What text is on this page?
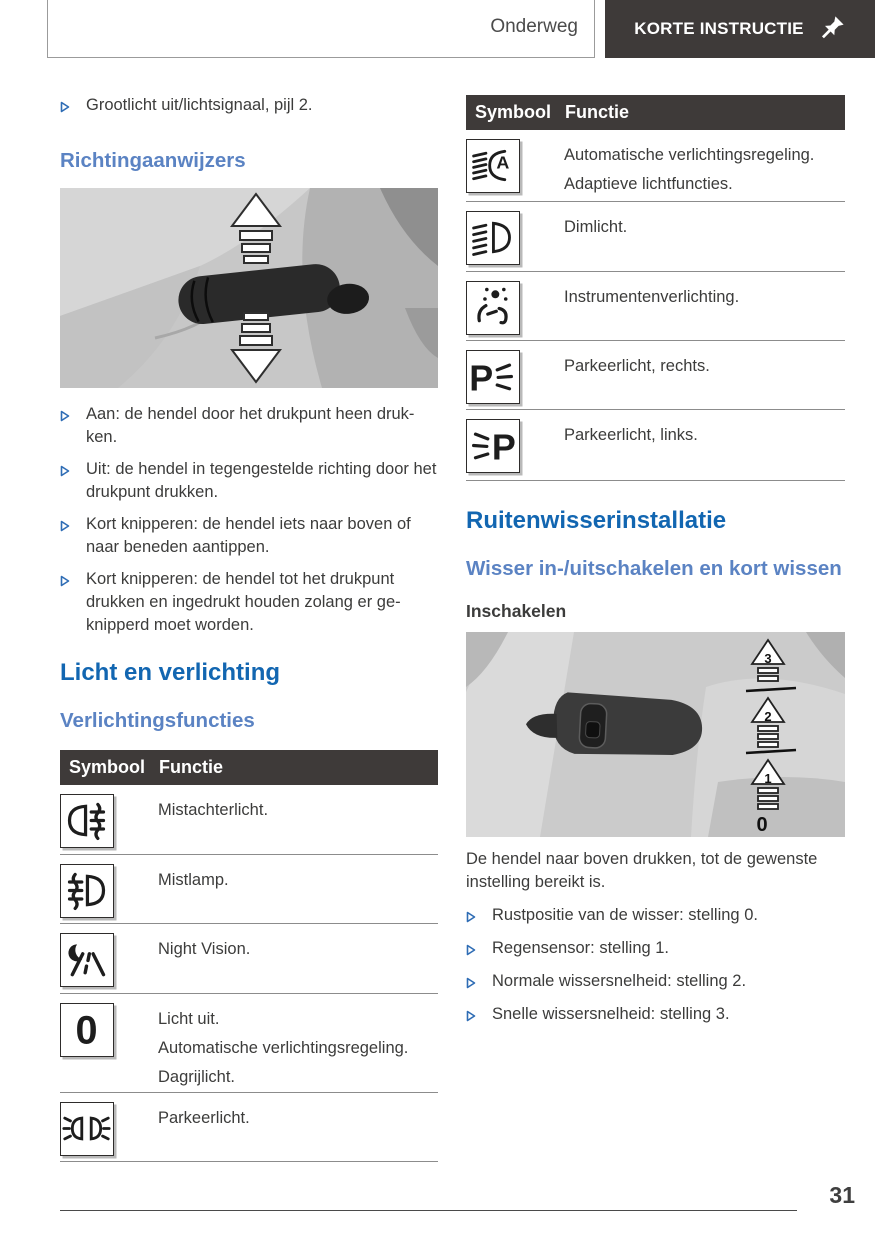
Onderweg	KORTE INSTRUCTIE
Grootlicht uit/lichtsignaal, pijl 2.
Richtingaanwijzers
Aan: de hendel door het drukpunt heen druk-ken.
Uit: de hendel in tegengestelde richting door het drukpunt drukken.
Kort knipperen: de hendel iets naar boven of naar beneden aantippen.
Kort knipperen: de hendel tot het drukpunt drukken en ingedrukt houden zolang er ge-knipperd moet worden.
Licht en verlichting
Verlichtingsfuncties
Symbool Functie
Mistachterlicht.
Mistlamp.
Night Vision.
0	Licht uit.
Automatische verlichtingsregeling.
Dagrijlicht.
Parkeerlicht.
Symbool Functie
A	Automatische verlichtingsregeling.
Adaptieve lichtfuncties.
Dimlicht.
Instrumentenverlichting.
P	Parkeerlicht, rechts.
P	Parkeerlicht, links.
Ruitenwisserinstallatie
Wisser in-/uitschakelen en kort wissen
Inschakelen
3
2
1
0
De hendel naar boven drukken, tot de gewenste instelling bereikt is.
Rustpositie van de wisser: stelling 0.
Regensensor: stelling 1.
Normale wissersnelheid: stelling 2.
Snelle wissersnelheid: stelling 3.
31
